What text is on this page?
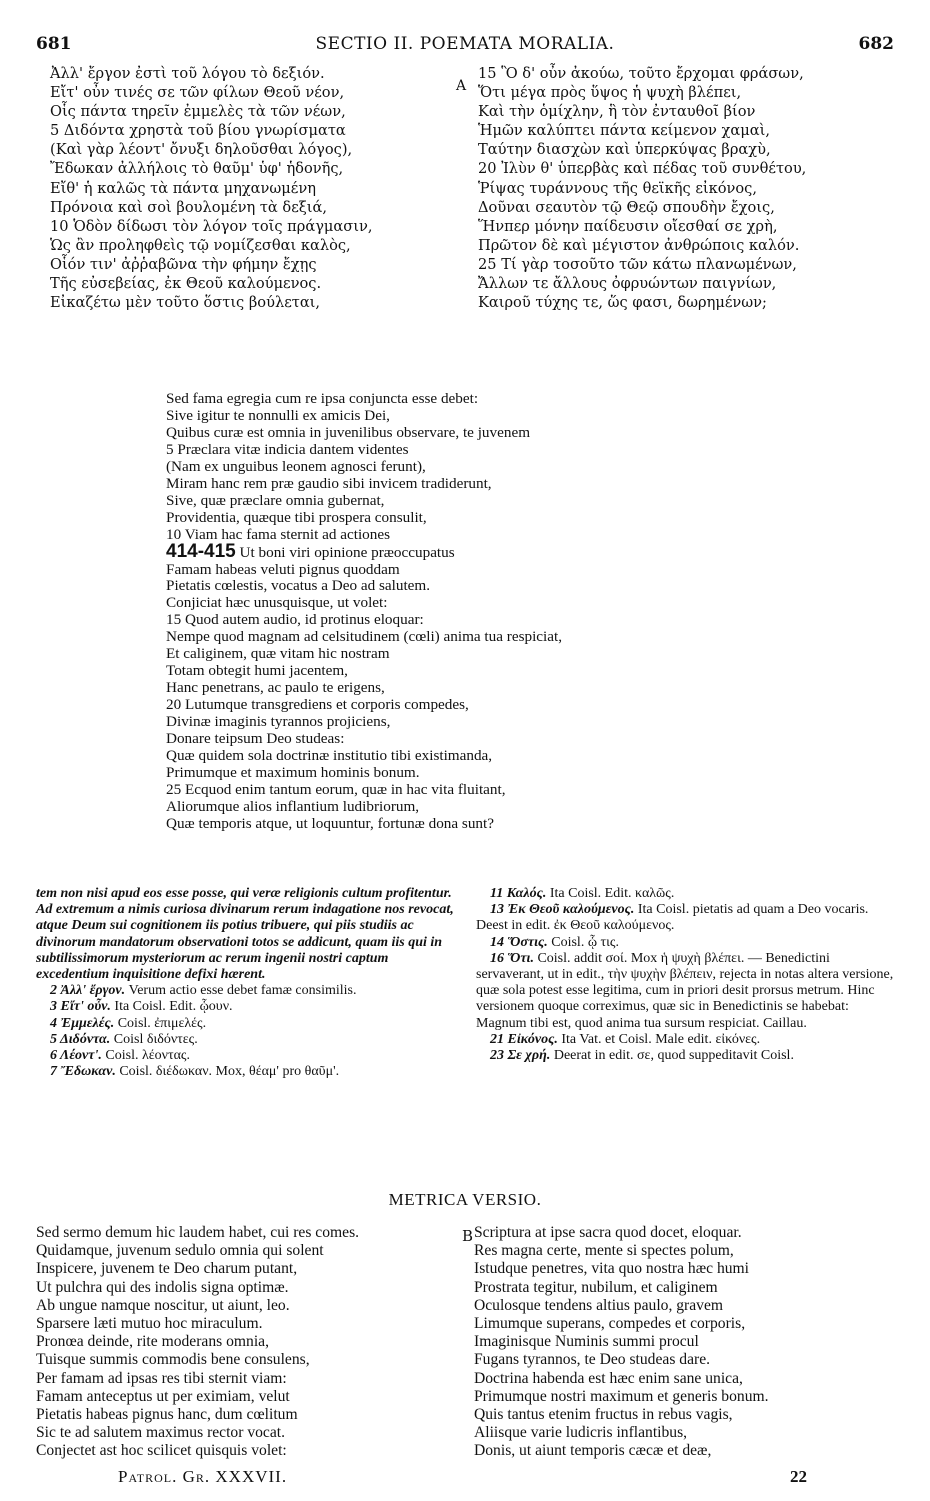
681	SECTIO II. POEMATA MORALIA.	682
Ἀλλ' ἔργον ἐστὶ τοῦ λόγου τὸ δεξιόν.
Εἴτ' οὖν τινές σε τῶν φίλων Θεοῦ νέον,
Οἷς πάντα τηρεῖν ἐμμελὲς τὰ τῶν νέων,
5 Διδόντα χρηστὰ τοῦ βίου γνωρίσματα
(Καὶ γὰρ λέοντ' ὄνυξι δηλοῦσθαι λόγος),
Ἔδωκαν ἀλλήλοις τὸ θαῦμ' ὑφ' ἡδονῆς,
Εἴθ' ἡ καλῶς τὰ πάντα μηχανωμένη
Πρόνοια καὶ σοὶ βουλομένη τὰ δεξιά,
10 Ὁδὸν δίδωσι τὸν λόγον τοῖς πράγμασιν,
Ὡς ἂν προληφθεὶς τῷ νομίζεσθαι καλὸς,
Οἷόν τιν' ἀῤῥαβῶνα τὴν φήμην ἔχῃς
Τῆς εὐσεβείας, ἐκ Θεοῦ καλούμενος.
Εἰκαζέτω μὲν τοῦτο ὅστις βούλεται,
A
15 Ὃ δ' οὖν ἀκούω, τοῦτο ἔρχομαι φράσων,
Ὅτι μέγα πρὸς ὕψος ἡ ψυχὴ βλέπει,
Καὶ τὴν ὁμίχλην, ἣ τὸν ἐνταυθοῖ βίον
Ἡμῶν καλύπτει πάντα κείμενον χαμαὶ,
Ταύτην διασχὼν καὶ ὑπερκύψας βραχὺ,
20 Ἰλὺν θ' ὑπερβὰς καὶ πέδας τοῦ συνθέτου,
Ῥίψας τυράννους τῆς θεϊκῆς εἰκόνος,
Δοῦναι σεαυτὸν τῷ Θεῷ σπουδὴν ἔχοις,
Ἥνπερ μόνην παίδευσιν οἴεσθαί σε χρὴ,
Πρῶτον δὲ καὶ μέγιστον ἀνθρώποις καλόν.
25 Τί γὰρ τοσοῦτο τῶν κάτω πλανωμένων,
Ἄλλων τε ἄλλους ὀφρυώντων παιγνίων,
Καιροῦ τύχης τε, ὥς φασι, δωρημένων;
Sed fama egregia cum re ipsa conjuncta esse debet:
Sive igitur te nonnulli ex amicis Dei,
Quibus curæ est omnia in juvenilibus observare, te juvenem
5 Præclara vitæ indicia dantem videntes
(Nam ex unguibus leonem agnosci ferunt),
Miram hanc rem præ gaudio sibi invicem tradiderunt,
Sive, quæ præclare omnia gubernat,
Providentia, quæque tibi prospera consulit,
10 Viam hac fama sternit ad actiones
414-415 Ut boni viri opinione præoccupatus
Famam habeas veluti pignus quoddam
Pietatis cœlestis, vocatus a Deo ad salutem.
Conjiciat hæc unusquisque, ut volet:
15 Quod autem audio, id protinus eloquar:
Nempe quod magnam ad celsitudinem (cœli) anima tua respiciat,
Et caliginem, quæ vitam hic nostram
Totam obtegit humi jacentem,
Hanc penetrans, ac paulo te erigens,
20 Lutumque transgrediens et corporis compedes,
Divinæ imaginis tyrannos projiciens,
Donare teipsum Deo studeas:
Quæ quidem sola doctrinæ institutio tibi existimanda,
Primumque et maximum hominis bonum.
25 Ecquod enim tantum eorum, quæ in hac vita fluitant,
Aliorumque alios inflantium ludibriorum,
Quæ temporis atque, ut loquuntur, fortunæ dona sunt?

tem non nisi apud eos esse posse, qui veræ religionis cultum profitentur. Ad extremum a nimis curiosa divinarum rerum indagatione nos revocat, atque Deum sui cognitionem iis potius tribuere, qui piis studiis ac divinorum mandatorum observationi totos se addicunt, quam iis qui in subtilissimorum mysteriorum ac rerum ingenii nostri captum excedentium inquisitione defixi hærent.

2 Ἀλλ' ἔργον. Verum actio esse debet famæ consimilis.

3 Εἴτ' οὖν. Ita Coisl. Edit. ᾧουν.

4 Ἐμμελές. Coisl. ἐπιμελές.

5 Διδόντα. Coisl διδόντες.

6 Λέοντ'. Coisl. λέοντας.

7 Ἔδωκαν. Coisl. διέδωκαν. Mox, θέαμ' pro θαῦμ'.

11 Καλός. Ita Coisl. Edit. καλῶς.

13 Ἐκ Θεοῦ καλούμενος. Ita Coisl. pietatis ad quam a Deo vocaris. Deest in edit. ἐκ Θεοῦ καλούμενος.

14 Ὅστις. Coisl. ᾧ τις.

16 Ὅτι. Coisl. addit σοί. Mox ἡ ψυχὴ βλέπει. — Benedictini servaverant, ut in edit., τὴν ψυχὴν βλέπειν, rejecta in notas altera versione, quæ sola potest esse legitima, cum in priori desit prorsus metrum. Hinc versionem quoque correximus, quæ sic in Benedictinis se habebat: Magnum tibi est, quod anima tua sursum respiciat. Caillau.

21 Εἰκόνος. Ita Vat. et Coisl. Male edit. εἰκόνες.

23 Σε χρή. Deerat in edit. σε, quod suppeditavit Coisl.

METRICA VERSIO.
Sed sermo demum hic laudem habet, cui res comes.
Quidamque, juvenum sedulo omnia qui solent
Inspicere, juvenem te Deo charum putant,
Ut pulchra qui des indolis signa optimæ.
Ab ungue namque noscitur, ut aiunt, leo.
Sparsere læti mutuo hoc miraculum.
Pronœa deinde, rite moderans omnia,
Tuisque summis commodis bene consulens,
Per famam ad ipsas res tibi sternit viam:
Famam anteceptus ut per eximiam, velut
Pietatis habeas pignus hanc, dum cœlitum
Sic te ad salutem maximus rector vocat.
Conjectet ast hoc scilicet quisquis volet:
B Scriptura at ipse sacra quod docet, eloquar.
Res magna certe, mente si spectes polum,
Istudque penetres, vita quo nostra hæc humi
Prostrata tegitur, nubilum, et caliginem
Oculosque tendens altius paulo, gravem
Limumque superans, compedes et corporis,
Imaginisque Numinis summi procul
Fugans tyrannos, te Deo studeas dare.
Doctrina habenda est hæc enim sane unica,
Primumque nostri maximum et generis bonum.
Quis tantus etenim fructus in rebus vagis,
Aliisque varie ludicris inflantibus,
Donis, ut aiunt temporis cæcæ et deæ,
Patrol. Gr. XXXVII.	22
